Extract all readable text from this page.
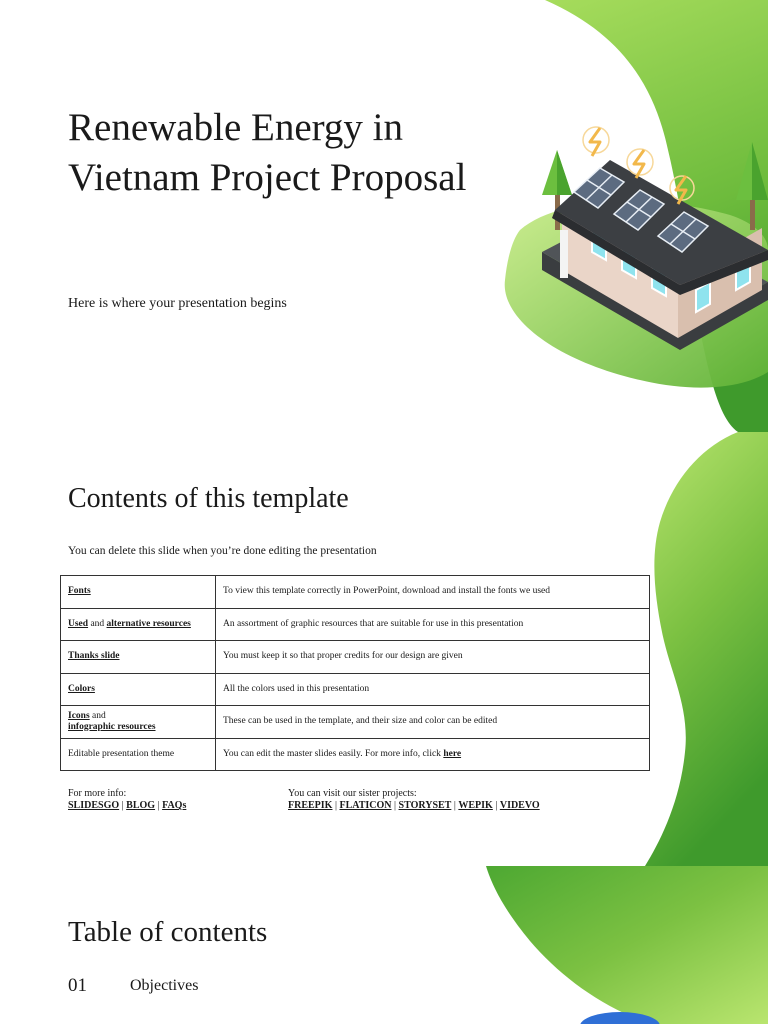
Renewable Energy in Vietnam Project Proposal

Here is where your presentation begins

Contents of this template

You can delete this slide when you’re done editing the presentation

Fonts	To view this template correctly in PowerPoint, download and install the fonts we used
Used and alternative resources	An assortment of graphic resources that are suitable for use in this presentation
Thanks slide	You must keep it so that proper credits for our design are given
Colors	All the colors used in this presentation
Icons and
infographic resources	These can be used in the template, and their size and color can be edited
Editable presentation theme	You can edit the master slides easily. For more info, click here
For more info:
SLIDESGO | BLOG | FAQs
You can visit our sister projects:
FREEPIK | FLATICON | STORYSET | WEPIK | VIDEVO
Table of contents
01	Objectives
